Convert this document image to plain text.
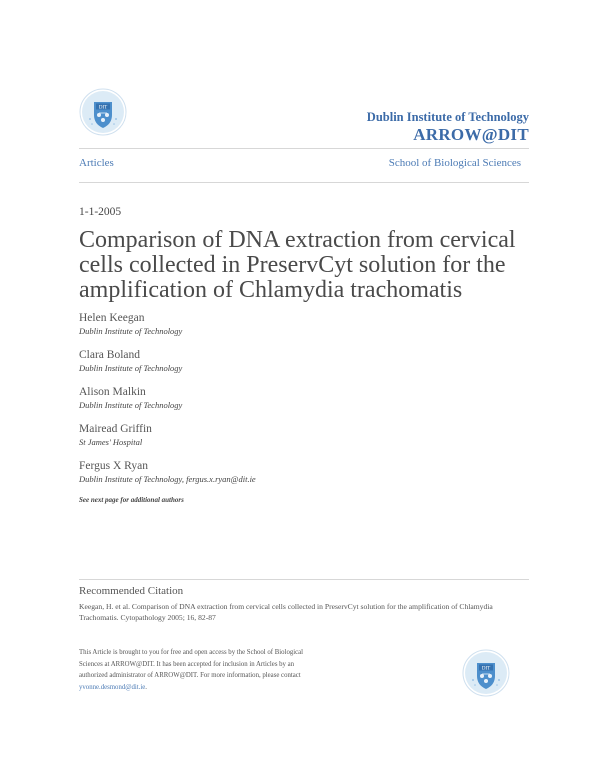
DIT
Dublin Institute of Technology
ARROW@DIT
Articles	School of Biological Sciences
1-1-2005
Comparison of DNA extraction from cervical cells collected in PreservCyt solution for the amplification of Chlamydia trachomatis
Helen Keegan
Dublin Institute of Technology
Clara Boland
Dublin Institute of Technology
Alison Malkin
Dublin Institute of Technology
Mairead Griffin
St James' Hospital
Fergus X Ryan
Dublin Institute of Technology, fergus.x.ryan@dit.ie
See next page for additional authors
Recommended Citation
Keegan, H. et al. Comparison of DNA extraction from cervical cells collected in PreservCyt solution for the amplification of Chlamydia Trachomatis. Cytopathology 2005; 16, 82-87
This Article is brought to you for free and open access by the School of Biological Sciences at ARROW@DIT. It has been accepted for inclusion in Articles by an authorized administrator of ARROW@DIT. For more information, please contact yvonne.desmond@dit.ie.
DIT
